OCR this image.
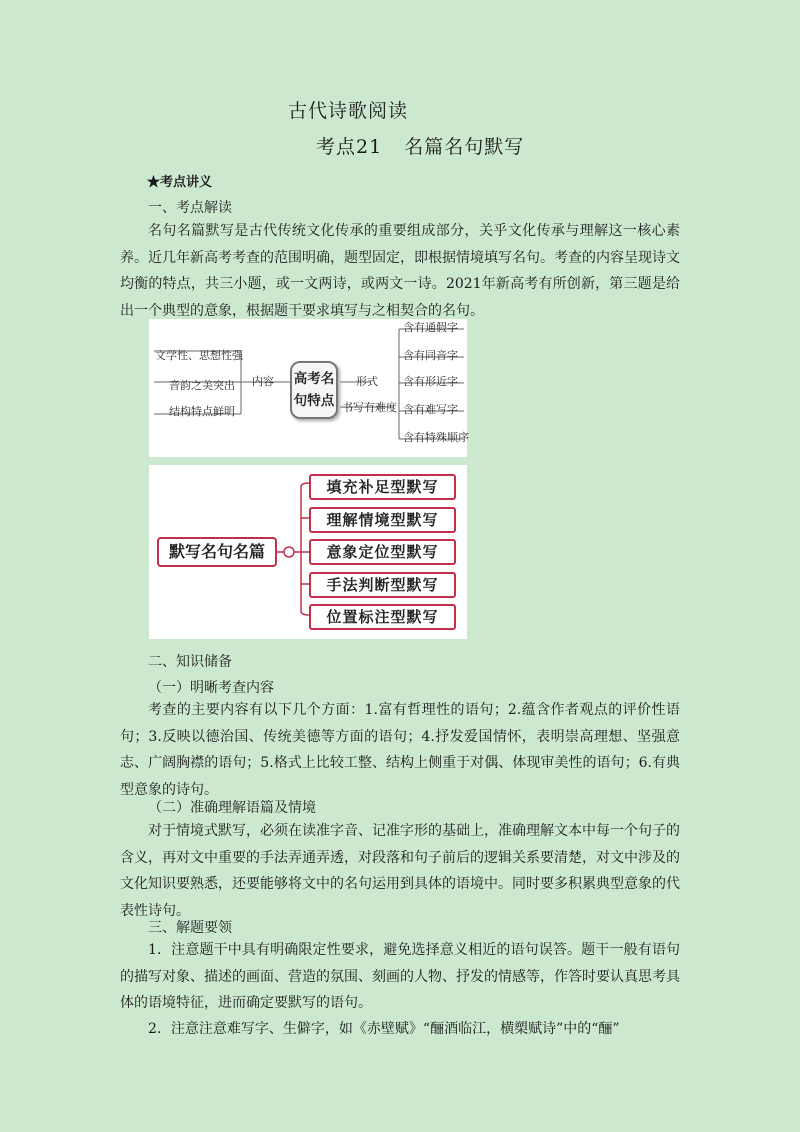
古代诗歌阅读
考点21 名篇名句默写
★考点讲义
一、考点解读

名句名篇默写是古代传统文化传承的重要组成部分，关乎文化传承与理解这一核心素养。近几年新高考考查的范围明确，题型固定，即根据情境填写名句。考查的内容呈现诗文均衡的特点，共三小题，或一文两诗，或两文一诗。2021年新高考有所创新，第三题是给出一个典型的意象，根据题干要求填写与之相契合的名句。

文学性、思想性强
音韵之美突出
结构特点鲜明
内容 高考名
句特点
形式
书写有难度
含有通假字
含有同音字
含有形近字
含有难写字
含有特殊顺序
默写名句名篇
填充补足型默写
理解情境型默写
意象定位型默写
手法判断型默写
位置标注型默写
二、知识储备
（一）明晰考查内容

考查的主要内容有以下几个方面：1.富有哲理性的语句；2.蕴含作者观点的评价性语句；3.反映以德治国、传统美德等方面的语句；4.抒发爱国情怀，表明崇高理想、坚强意志、广阔胸襟的语句；5.格式上比较工整、结构上侧重于对偶、体现审美性的语句；6.有典型意象的诗句。

（二）准确理解语篇及情境

对于情境式默写，必须在读准字音、记准字形的基础上，准确理解文本中每一个句子的含义，再对文中重要的手法弄通弄透，对段落和句子前后的逻辑关系要清楚，对文中涉及的文化知识要熟悉，还要能够将文中的名句运用到具体的语境中。同时要多积累典型意象的代表性诗句。

三、解题要领

1．注意题干中具有明确限定性要求，避免选择意义相近的语句误答。题干一般有语句的描写对象、描述的画面、营造的氛围、刻画的人物、抒发的情感等，作答时要认真思考具体的语境特征，进而确定要默写的语句。

2．注意注意难写字、生僻字，如《赤壁赋》“酾酒临江，横槊赋诗”中的“酾”
